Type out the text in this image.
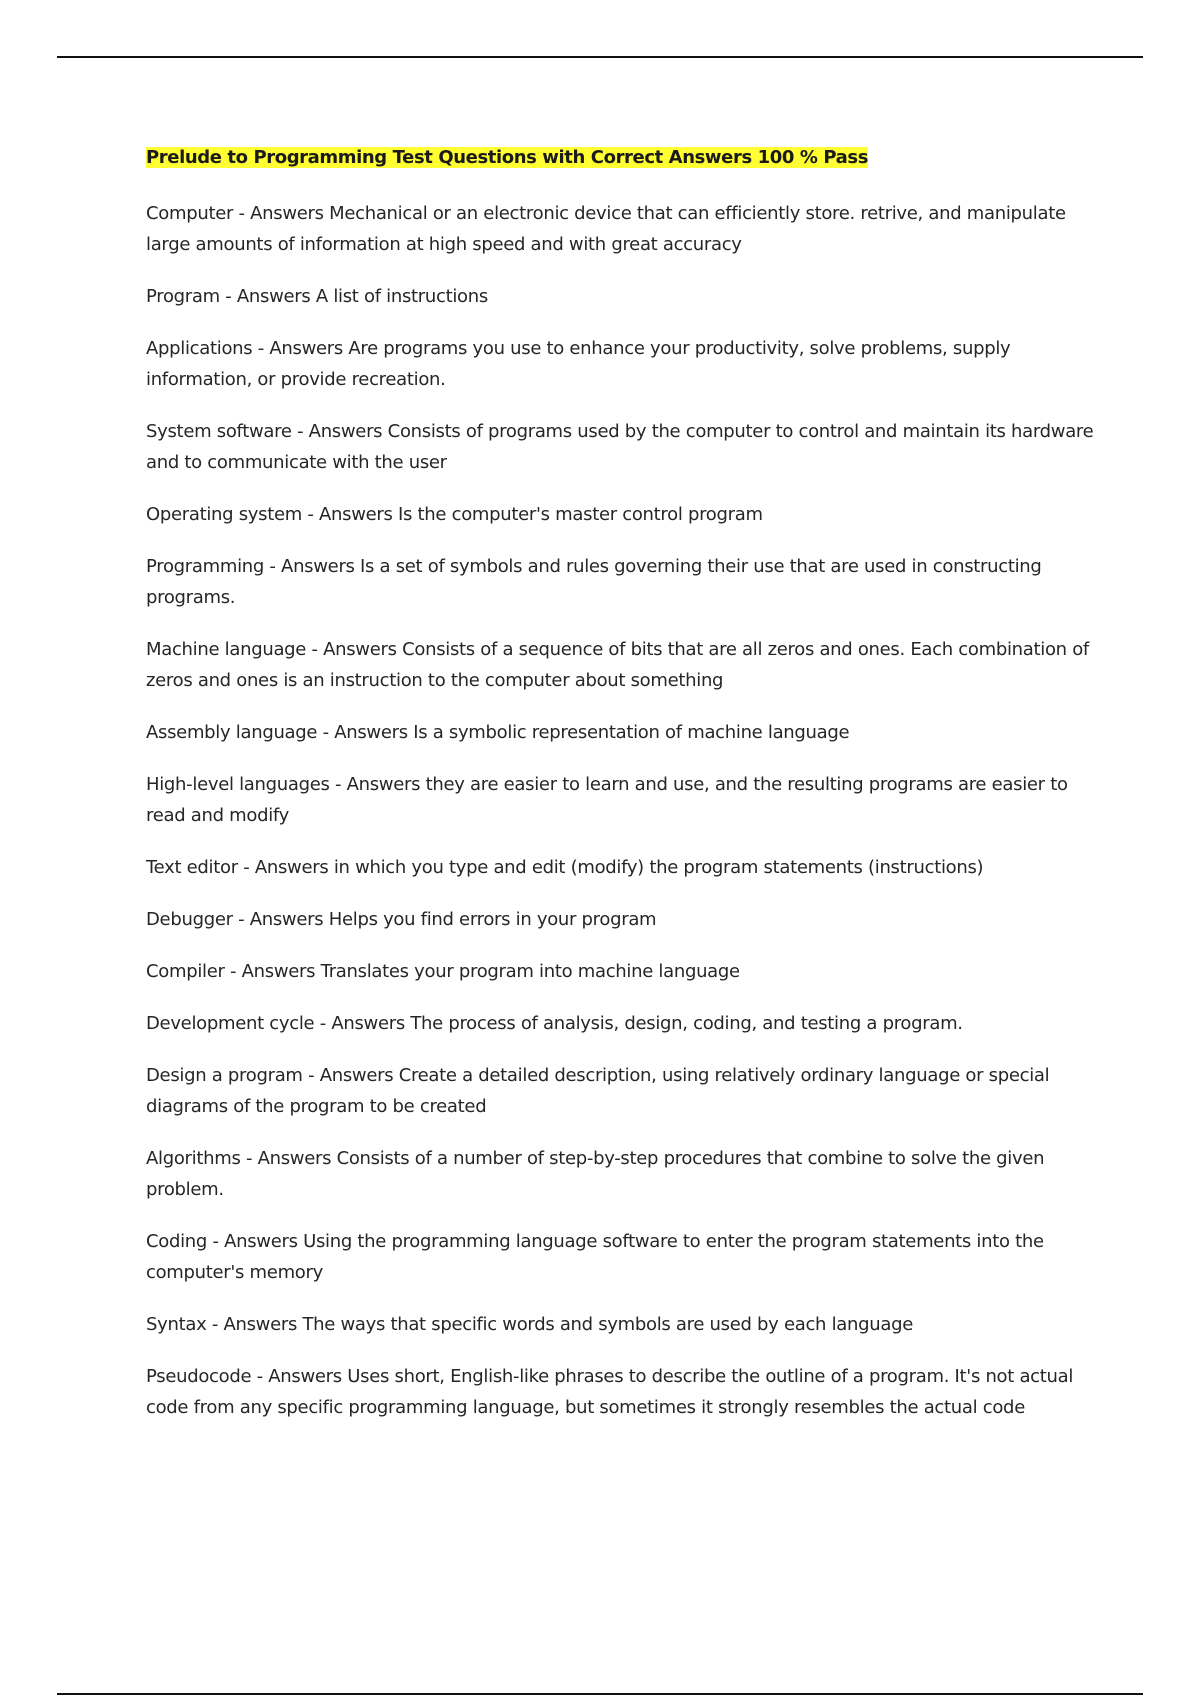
Prelude to Programming Test Questions with Correct Answers 100 % Pass

Computer - Answers Mechanical or an electronic device that can efficiently store. retrive, and manipulate large amounts of information at high speed and with great accuracy

Program - Answers A list of instructions

Applications - Answers Are programs you use to enhance your productivity, solve problems, supply information, or provide recreation.

System software - Answers Consists of programs used by the computer to control and maintain its hardware and to communicate with the user

Operating system - Answers Is the computer's master control program

Programming - Answers Is a set of symbols and rules governing their use that are used in constructing programs.

Machine language - Answers Consists of a sequence of bits that are all zeros and ones. Each combination of zeros and ones is an instruction to the computer about something

Assembly language - Answers Is a symbolic representation of machine language

High-level languages - Answers they are easier to learn and use, and the resulting programs are easier to read and modify

Text editor - Answers in which you type and edit (modify) the program statements (instructions)

Debugger - Answers Helps you find errors in your program

Compiler - Answers Translates your program into machine language

Development cycle - Answers The process of analysis, design, coding, and testing a program.

Design a program - Answers Create a detailed description, using relatively ordinary language or special diagrams of the program to be created

Algorithms - Answers Consists of a number of step-by-step procedures that combine to solve the given problem.

Coding - Answers Using the programming language software to enter the program statements into the computer's memory

Syntax - Answers The ways that specific words and symbols are used by each language

Pseudocode - Answers Uses short, English-like phrases to describe the outline of a program. It's not actual code from any specific programming language, but sometimes it strongly resembles the actual code
